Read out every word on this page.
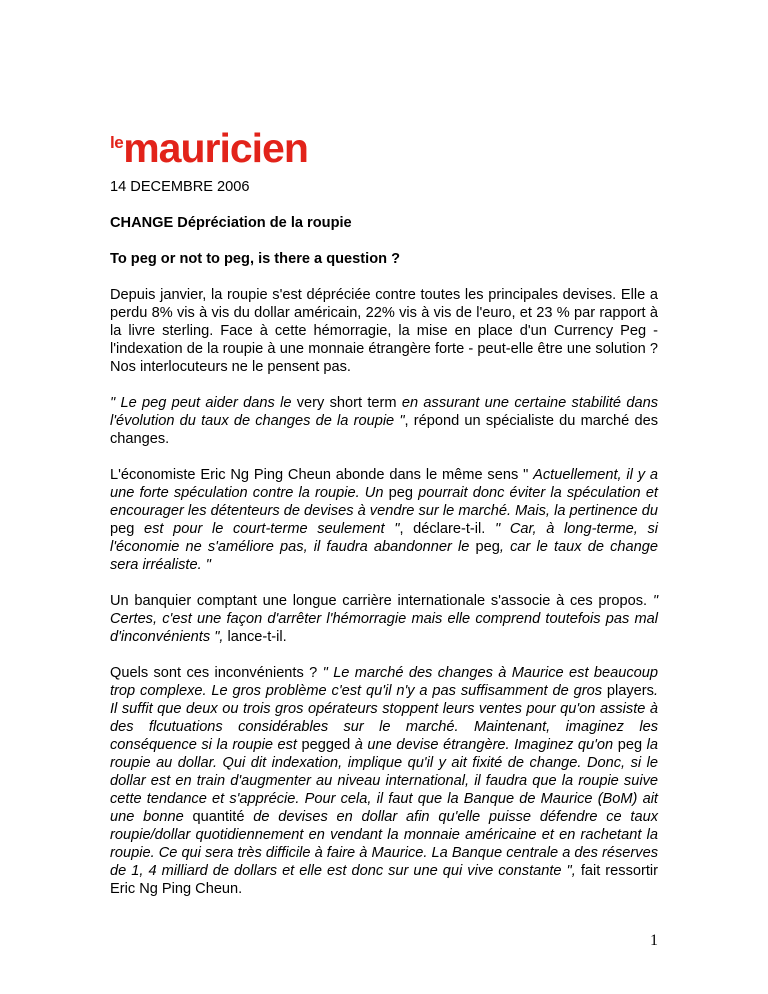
lemauricien

14 DECEMBRE 2006

CHANGE Dépréciation de la roupie

To peg or not to peg, is there a question ?

Depuis janvier, la roupie s'est dépréciée contre toutes les principales devises. Elle a perdu 8% vis à vis du dollar américain, 22% vis à vis de l'euro, et 23 % par rapport à la livre sterling. Face à cette hémorragie, la mise en place d'un Currency Peg - l'indexation de la roupie à une monnaie étrangère forte - peut-elle être une solution ? Nos interlocuteurs ne le pensent pas.

" Le peg peut aider dans le very short term en assurant une certaine stabilité dans l'évolution du taux de changes de la roupie ", répond un spécialiste du marché des changes.

L'économiste Eric Ng Ping Cheun abonde dans le même sens " Actuellement, il y a une forte spéculation contre la roupie. Un peg pourrait donc éviter la spéculation et encourager les détenteurs de devises à vendre sur le marché. Mais, la pertinence du peg est pour le court-terme seulement ", déclare-t-il. " Car, à long-terme, si l'économie ne s'améliore pas, il faudra abandonner le peg, car le taux de change sera irréaliste. "

Un banquier comptant une longue carrière internationale s'associe à ces propos. " Certes, c'est une façon d'arrêter l'hémorragie mais elle comprend toutefois pas mal d'inconvénients ", lance-t-il.

Quels sont ces inconvénients ? " Le marché des changes à Maurice est beaucoup trop complexe. Le gros problème c'est qu'il n'y a pas suffisamment de gros players. Il suffit que deux ou trois gros opérateurs stoppent leurs ventes pour qu'on assiste à des flcutuations considérables sur le marché. Maintenant, imaginez les conséquence si la roupie est pegged à une devise étrangère. Imaginez qu'on peg la roupie au dollar. Qui dit indexation, implique qu'il y ait fixité de change. Donc, si le dollar est en train d'augmenter au niveau international, il faudra que la roupie suive cette tendance et s'apprécie. Pour cela, il faut que la Banque de Maurice (BoM) ait une bonne quantité de devises en dollar afin qu'elle puisse défendre ce taux roupie/dollar quotidiennement en vendant la monnaie américaine et en rachetant la roupie. Ce qui sera très difficile à faire à Maurice. La Banque centrale a des réserves de 1, 4 milliard de dollars et elle est donc sur une qui vive constante ", fait ressortir Eric Ng Ping Cheun.

1
